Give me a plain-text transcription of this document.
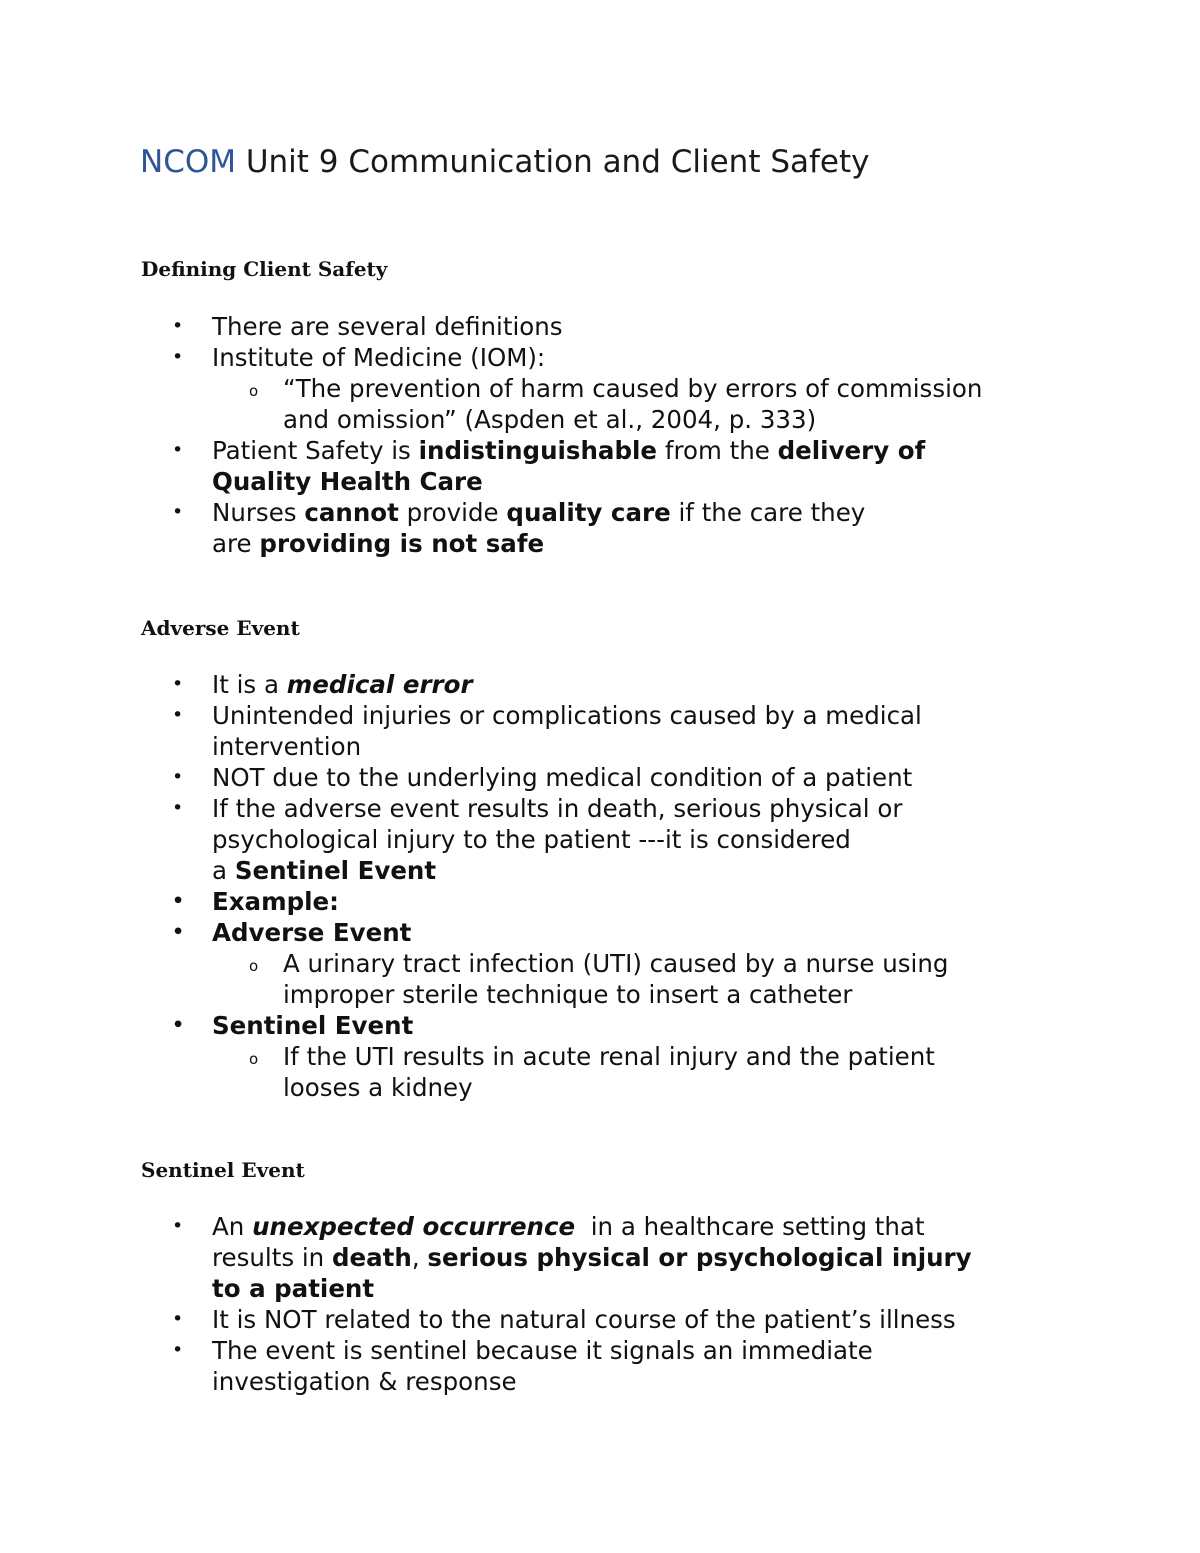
NCOM Unit 9 Communication and Client Safety
Defining Client Safety
• There are several definitions
• Institute of Medicine (IOM):
o “The prevention of harm caused by errors of commission
and omission” (Aspden et al., 2004, p. 333)
• Patient Safety is indistinguishable from the delivery of
Quality Health Care
• Nurses cannot provide quality care if the care they
are providing is not safe
Adverse Event
• It is a medical error
• Unintended injuries or complications caused by a medical
intervention
• NOT due to the underlying medical condition of a patient
• If the adverse event results in death, serious physical or
psychological injury to the patient ---it is considered
a Sentinel Event
• Example:
• Adverse Event
o A urinary tract infection (UTI) caused by a nurse using
improper sterile technique to insert a catheter
• Sentinel Event
o If the UTI results in acute renal injury and the patient
looses a kidney
Sentinel Event
• An unexpected occurrence  in a healthcare setting that
results in death, serious physical or psychological injury
to a patient
• It is NOT related to the natural course of the patient’s illness
• The event is sentinel because it signals an immediate
investigation & response
